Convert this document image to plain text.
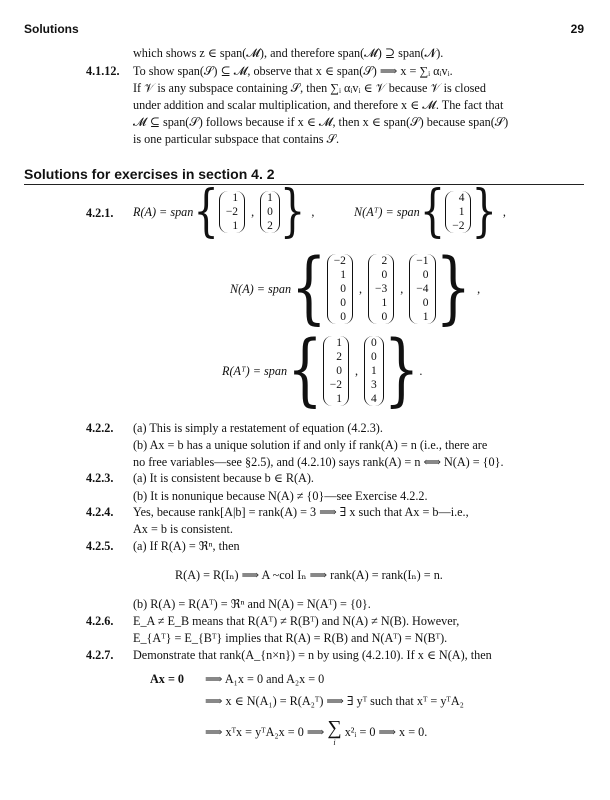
Solutions	29
which shows z ∈ span(𝓜), and therefore span(𝓜) ⊇ span(𝓝).
4.1.12. To show span(𝒮) ⊆ 𝓜, observe that x ∈ span(𝒮) ⟹ x = ∑ᵢ αᵢvᵢ.
If 𝒱 is any subspace containing 𝒮, then ∑ᵢ αᵢvᵢ ∈ 𝒱 because 𝒱 is closed
under addition and scalar multiplication, and therefore x ∈ 𝓜. The fact that
𝓜 ⊆ span(𝒮) follows because if x ∈ 𝓜, then x ∈ span(𝒮) because span(𝒮)
is one particular subspace that contains 𝒮.
Solutions for exercises in section 4. 2
4.2.1. R(A) = span { 1
−2
1
,
1
0
2 } ,	N(Aᵀ) = span { 4
1
−2 } ,
N(A) = span { −2
1
0
0
0
,
2
0
−3
1
0
,
−1
0
−4
0
1 } ,
R(Aᵀ) = span { 1
2
0
−2
1
,
0
0
1
3
4 } .
4.2.2. (a) This is simply a restatement of equation (4.2.3).
(b) Ax = b has a unique solution if and only if rank(A) = n (i.e., there are
no free variables—see §2.5), and (4.2.10) says rank(A) = n ⟺ N(A) = {0}.
4.2.3. (a) It is consistent because b ∈ R(A).
(b) It is nonunique because N(A) ≠ {0}—see Exercise 4.2.2.
4.2.4. Yes, because rank[A|b] = rank(A) = 3 ⟹ ∃ x such that Ax = b—i.e.,
Ax = b is consistent.
4.2.5. (a) If R(A) = ℜⁿ, then
R(A) = R(Iₙ) ⟹ A ~col Iₙ ⟹ rank(A) = rank(Iₙ) = n.
(b) R(A) = R(Aᵀ) = ℜⁿ and N(A) = N(Aᵀ) = {0}.
4.2.6. E_A ≠ E_B means that R(Aᵀ) ≠ R(Bᵀ) and N(A) ≠ N(B). However,
E_{Aᵀ} = E_{Bᵀ} implies that R(A) = R(B) and N(Aᵀ) = N(Bᵀ).
4.2.7. Demonstrate that rank(A_{n×n}) = n by using (4.2.10). If x ∈ N(A), then
Ax = 0 ⟹ A₁x = 0 and A₂x = 0
⟹ x ∈ N(A₁) = R(A₂ᵀ) ⟹ ∃ yᵀ such that xᵀ = yᵀA₂
⟹ xᵀx = yᵀA₂x = 0 ⟹ ∑
i
x²ᵢ = 0 ⟹ x = 0.
